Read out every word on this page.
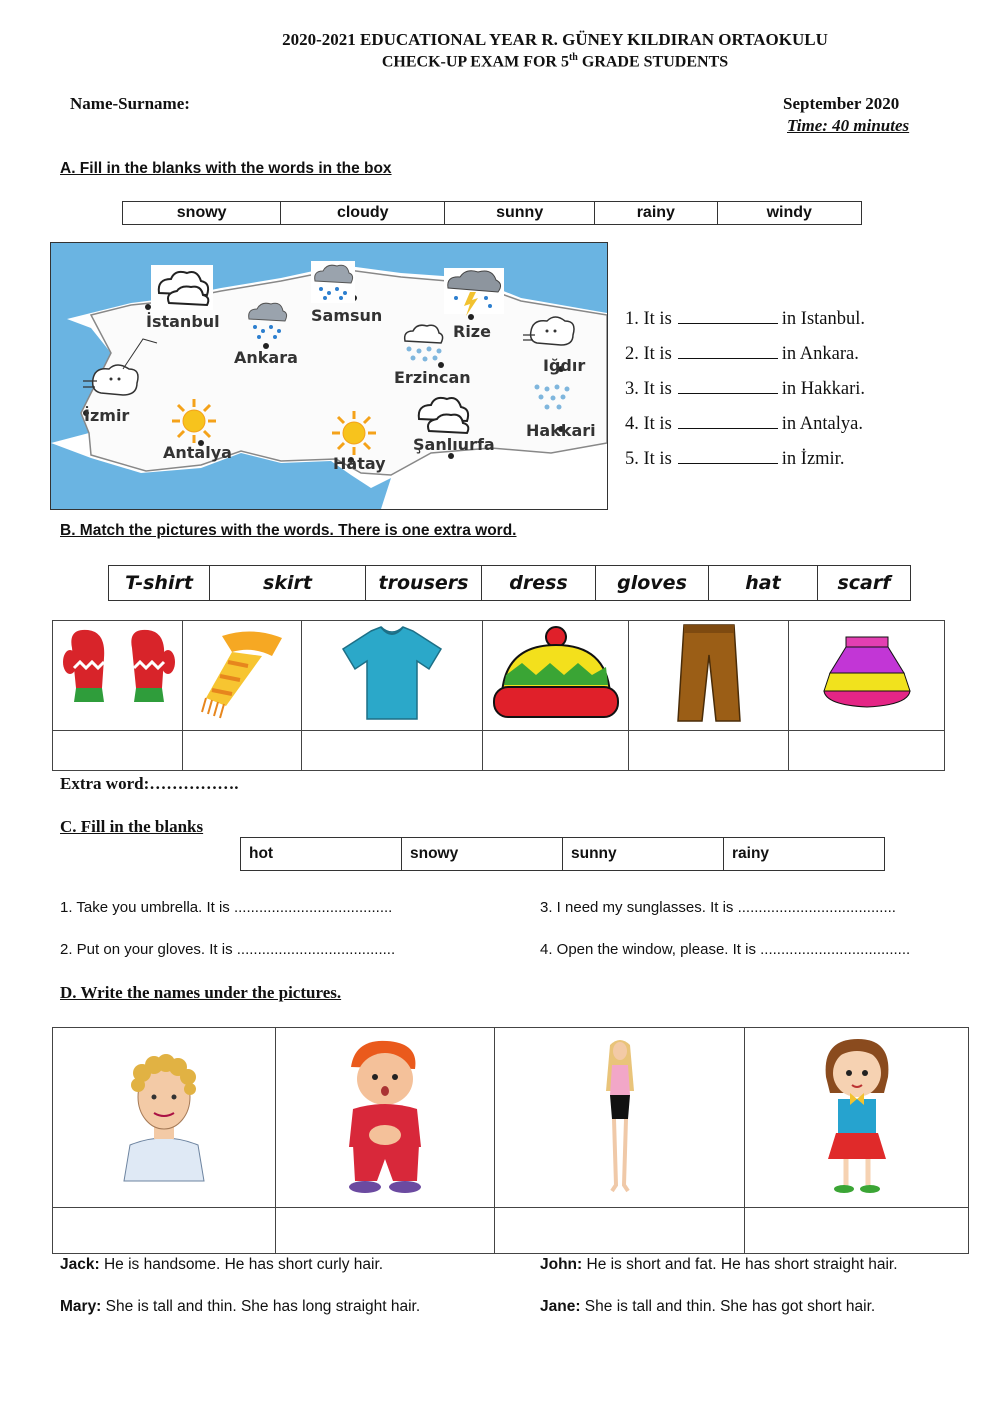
2020-2021 EDUCATIONAL YEAR R. GÜNEY KILDIRAN ORTAOKULU
CHECK-UP EXAM FOR 5th GRADE STUDENTS
Name-Surname:	September 2020
Time: 40 minutes
A. Fill in the blanks with the words in the box
snowy	cloudy	sunny	rainy	windy
İstanbul	Samsun
Rize
Ankara
Erzincan
Iğdır
İzmir
Antalya
Hatay
Şanlıurfa
Hakkari
1. It is	in Istanbul.
2. It is	in Ankara.
3. It is	in Hakkari.
4. It is	in Antalya.
5. It is	in İzmir.
B. Match the pictures with the words. There is one extra word.
T-shirt	skirt	trousers	dress	gloves	hat	scarf

Extra word:…………….
C. Fill in the blanks
hot	snowy	sunny	rainy
1. Take you umbrella. It is ......................................	3. I need my sunglasses. It is ......................................
2. Put on your gloves. It is ......................................	4. Open the window, please. It is ....................................
D. Write the names under the pictures.

Jack: He is handsome. He has short curly hair.	John: He is short and fat. He has short straight hair.
Mary: She is tall and thin. She has long straight hair.	Jane: She is tall and thin. She has got short hair.
